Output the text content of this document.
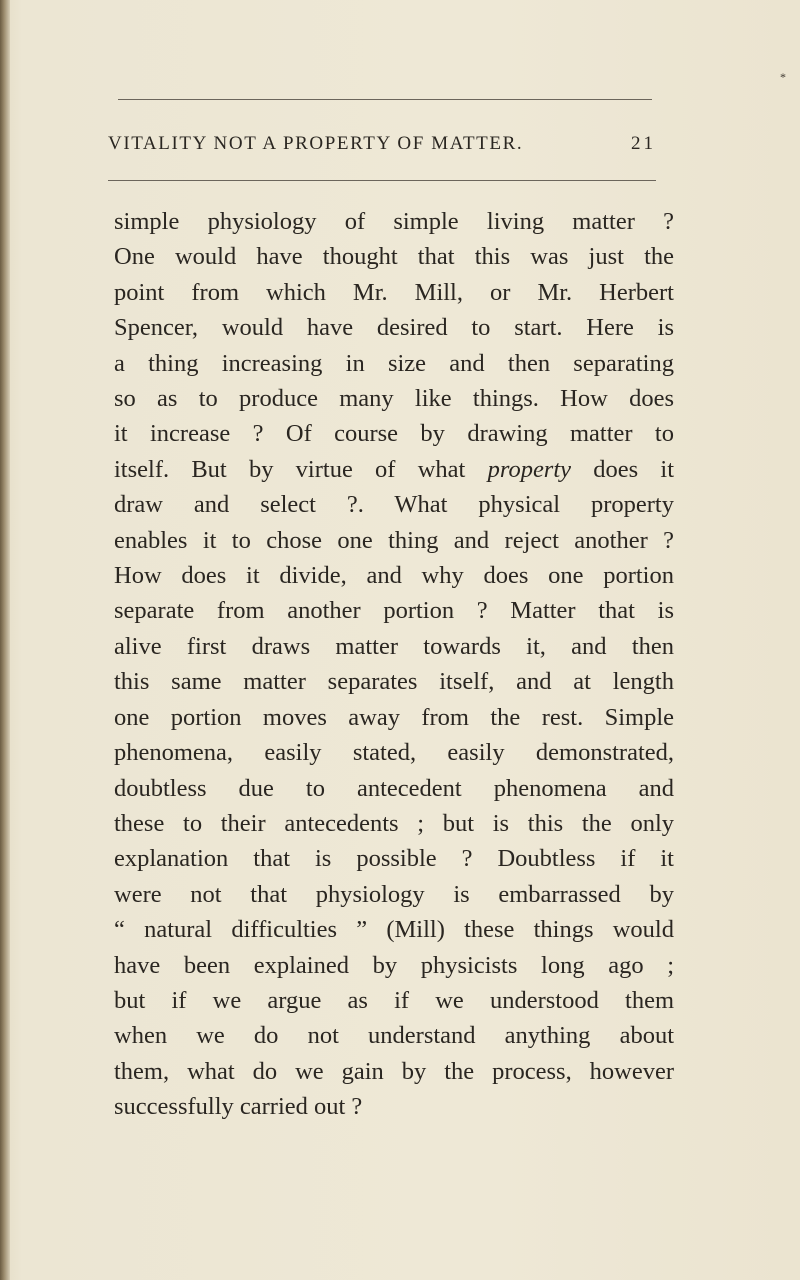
*
VITALITY NOT A PROPERTY OF MATTER.	21
simple physiology of simple living matter ?
One would have thought that this was just the
point from which Mr. Mill, or Mr. Herbert
Spencer, would have desired to start. Here is
a thing increasing in size and then separating
so as to produce many like things. How does
it increase ? Of course by drawing matter to
itself. But by virtue of what property does it
draw and select ?. What physical property
enables it to chose one thing and reject another ?
How does it divide, and why does one portion
separate from another portion ? Matter that is
alive first draws matter towards it, and then
this same matter separates itself, and at length
one portion moves away from the rest. Simple
phenomena, easily stated, easily demonstrated,
doubtless due to antecedent phenomena and
these to their antecedents ; but is this the only
explanation that is possible ? Doubtless if it
were not that physiology is embarrassed by
“ natural difficulties ” (Mill) these things would
have been explained by physicists long ago ;
but if we argue as if we understood them
when we do not understand anything about
them, what do we gain by the process, however
successfully carried out ?
